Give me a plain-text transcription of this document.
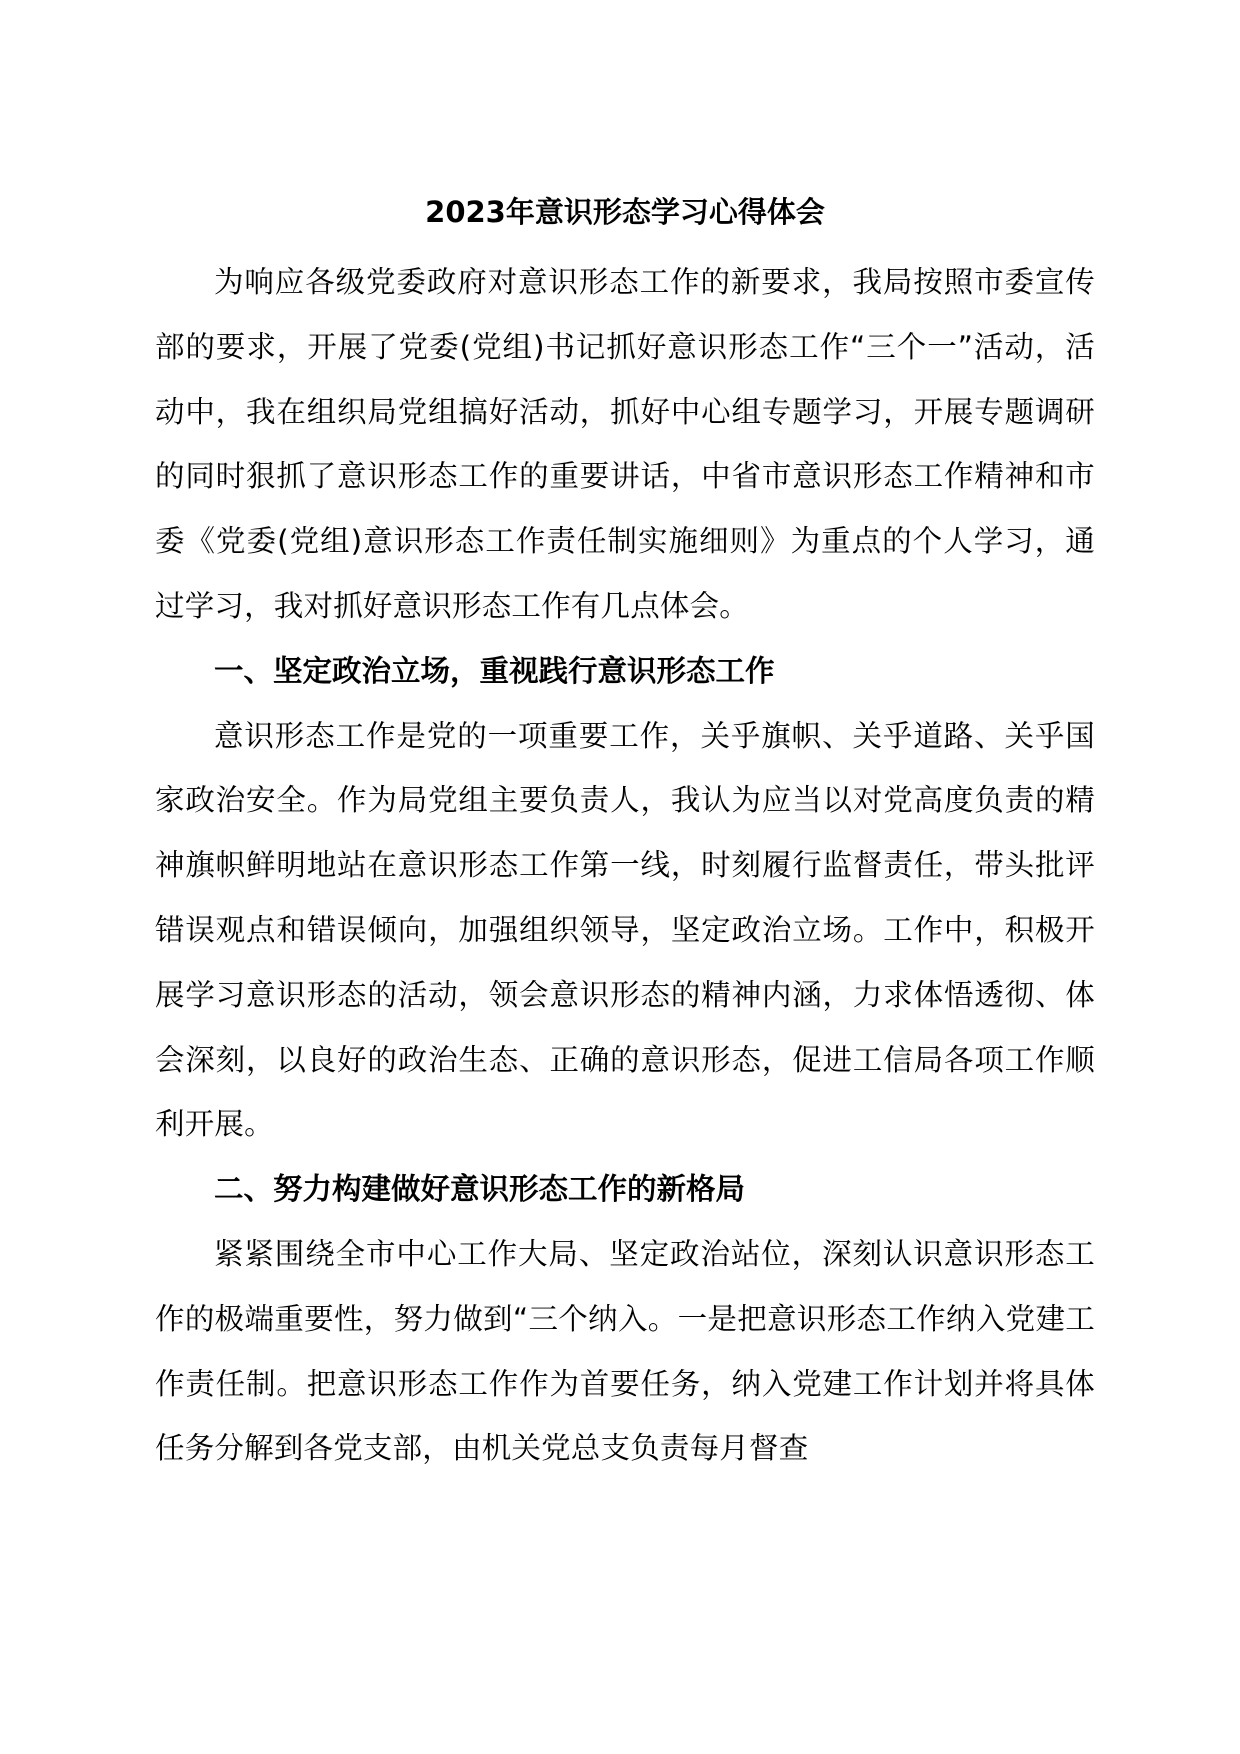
2023年意识形态学习心得体会

为响应各级党委政府对意识形态工作的新要求，我局按照市委宣传部的要求，开展了党委(党组)书记抓好意识形态工作“三个一”活动，活动中，我在组织局党组搞好活动，抓好中心组专题学习，开展专题调研的同时狠抓了意识形态工作的重要讲话，中省市意识形态工作精神和市委《党委(党组)意识形态工作责任制实施细则》为重点的个人学习，通过学习，我对抓好意识形态工作有几点体会。

一、坚定政治立场，重视践行意识形态工作

意识形态工作是党的一项重要工作，关乎旗帜、关乎道路、关乎国家政治安全。作为局党组主要负责人，我认为应当以对党高度负责的精神旗帜鲜明地站在意识形态工作第一线，时刻履行监督责任，带头批评错误观点和错误倾向，加强组织领导，坚定政治立场。工作中，积极开展学习意识形态的活动，领会意识形态的精神内涵，力求体悟透彻、体会深刻，以良好的政治生态、正确的意识形态，促进工信局各项工作顺利开展。

二、努力构建做好意识形态工作的新格局

紧紧围绕全市中心工作大局、坚定政治站位，深刻认识意识形态工作的极端重要性，努力做到“三个纳入。一是把意识形态工作纳入党建工作责任制。把意识形态工作作为首要任务，纳入党建工作计划并将具体任务分解到各党支部，由机关党总支负责每月督查
